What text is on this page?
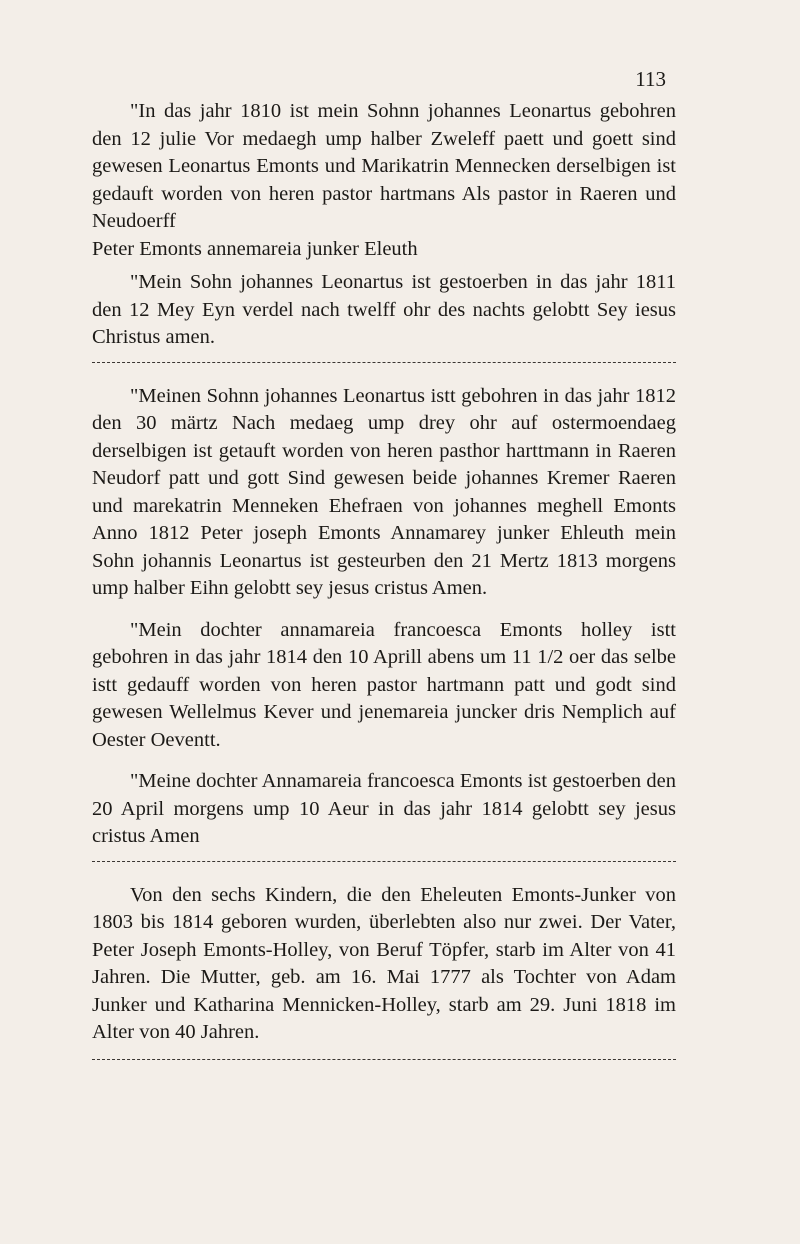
113

"In das jahr 1810 ist mein Sohnn johannes Leonartus gebohren den 12 julie Vor medaegh ump halber Zweleff paett und goett sind gewesen Leonartus Emonts und Marikatrin Mennecken derselbigen ist gedauft worden von heren pastor hartmans Als pastor in Raeren und Neudoerff

Peter Emonts annemareia junker Eleuth

"Mein Sohn johannes Leonartus ist gestoerben in das jahr 1811 den 12 Mey Eyn verdel nach twelff ohr des nachts gelobtt Sey iesus Christus amen.

"Meinen Sohnn johannes Leonartus istt gebohren in das jahr 1812 den 30 märtz Nach medaeg ump drey ohr auf ostermoendaeg derselbigen ist getauft worden von heren pasthor harttmann in Raeren Neudorf patt und gott Sind gewesen beide johannes Kremer Raeren und marekatrin Menneken Ehefraen von johannes meghell Emonts Anno 1812 Peter joseph Emonts Annamarey junker Ehleuth mein Sohn johannis Leonartus ist gesteurben den 21 Mertz 1813 morgens ump halber Eihn gelobtt sey jesus cristus Amen.

"Mein dochter annamareia francoesca Emonts holley istt gebohren in das jahr 1814 den 10 Aprill abens um 11 1/2 oer das selbe istt gedauff worden von heren pastor hartmann patt und godt sind gewesen Wellelmus Kever und jenemareia juncker dris Nemplich auf Oester Oeventt.

"Meine dochter Annamareia francoesca Emonts ist gestoerben den 20 April morgens ump 10 Aeur in das jahr 1814 gelobtt sey jesus cristus Amen

Von den sechs Kindern, die den Eheleuten Emonts-Junker von 1803 bis 1814 geboren wurden, überlebten also nur zwei. Der Vater, Peter Joseph Emonts-Holley, von Beruf Töpfer, starb im Alter von 41 Jahren. Die Mutter, geb. am 16. Mai 1777 als Tochter von Adam Junker und Katharina Mennicken-Holley, starb am 29. Juni 1818 im Alter von 40 Jahren.
